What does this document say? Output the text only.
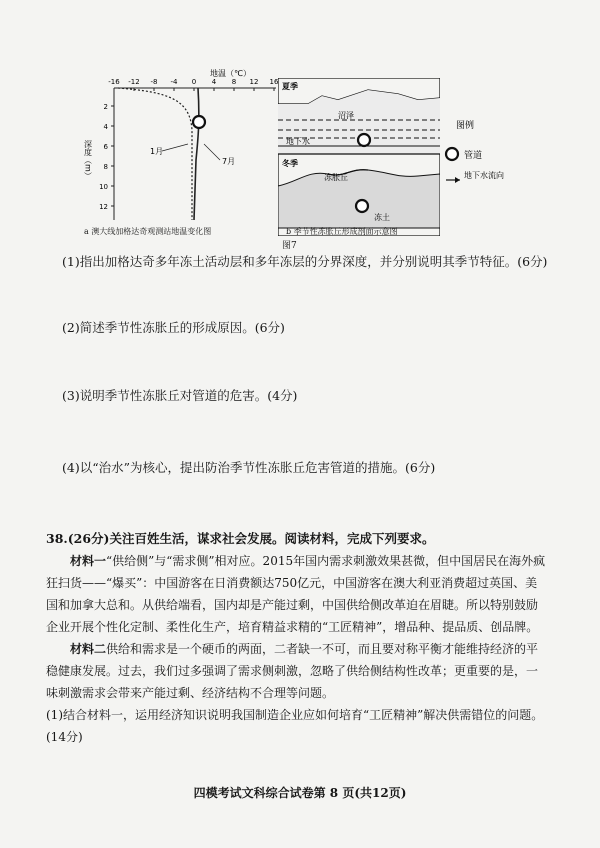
地温（℃）
-16 -12 -8 -4 0 4 8 12 16
深度（m）
2
4
6
8
10
12
1月
7月
a 澳大线加格达奇观测站地温变化图
夏季
沼泽
地下水
冬季
冻胀丘
冻土
b 季节性冻胀丘形成剖面示意图
图7
图例
管道
地下水流向
(1)指出加格达奇多年冻土活动层和多年冻层的分界深度，并分别说明其季节特征。(6分)
(2)简述季节性冻胀丘的形成原因。(6分)
(3)说明季节性冻胀丘对管道的危害。(4分)
(4)以“治水”为核心，提出防治季节性冻胀丘危害管道的措施。(6分)
38.(26分)关注百姓生活，谋求社会发展。阅读材料，完成下列要求。
材料一“供给侧”与“需求侧”相对应。2015年国内需求刺激效果甚微，但中国居民在海外疯狂扫货——“爆买”：中国游客在日消费额达750亿元，中国游客在澳大利亚消费超过英国、美国和加拿大总和。从供给端看，国内却是产能过剩，中国供给侧改革迫在眉睫。所以特别鼓励企业开展个性化定制、柔性化生产，培育精益求精的“工匠精神”，增品种、提品质、创品牌。
材料二供给和需求是一个硬币的两面，二者缺一不可，而且要对称平衡才能维持经济的平稳健康发展。过去，我们过多强调了需求侧刺激，忽略了供给侧结构性改革；更重要的是，一味刺激需求会带来产能过剩、经济结构不合理等问题。
(1)结合材料一，运用经济知识说明我国制造企业应如何培育“工匠精神”解决供需错位的问题。(14分)
四模考试文科综合试卷第 8 页(共12页)
